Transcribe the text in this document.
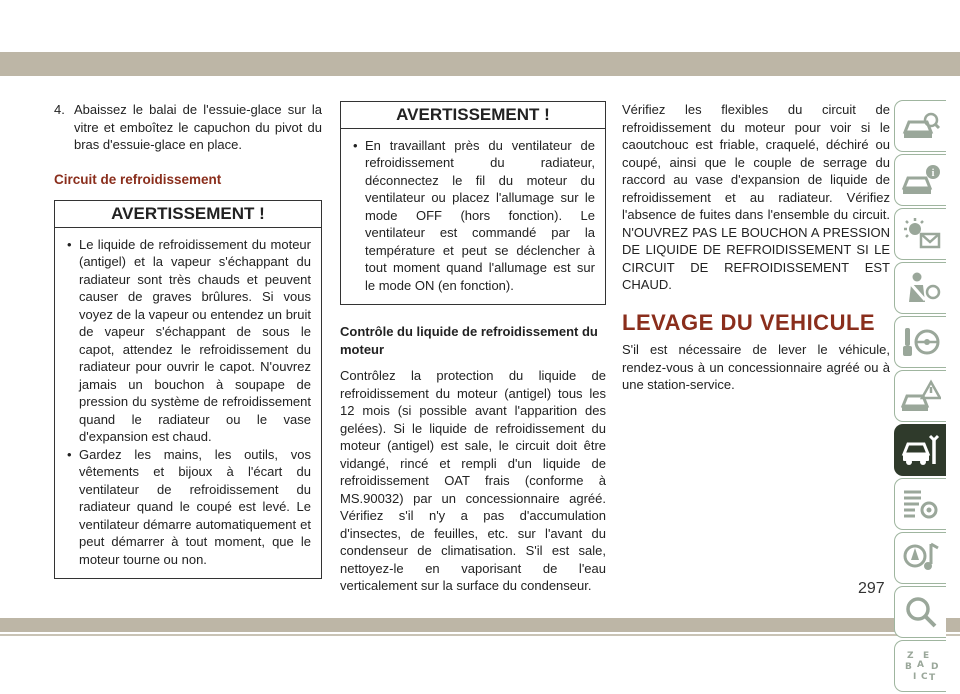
4. Abaissez le balai de l'essuie-glace sur la vitre et emboîtez le capuchon du pivot du bras d'essuie-glace en place.
Circuit de refroidissement
AVERTISSEMENT !
• Le liquide de refroidissement du moteur (antigel) et la vapeur s'échappant du radiateur sont très chauds et peuvent causer de graves brûlures. Si vous voyez de la vapeur ou entendez un bruit de vapeur s'échappant de sous le capot, attendez le refroidissement du radiateur pour ouvrir le capot. N'ouvrez jamais un bouchon à soupape de pression du système de refroidissement quand le radiateur ou le vase d'expansion est chaud.
• Gardez les mains, les outils, vos vêtements et bijoux à l'écart du ventilateur de refroidissement du radiateur quand le coupé est levé. Le ventilateur démarre automatiquement et peut démarrer à tout moment, que le moteur tourne ou non.
AVERTISSEMENT !
• En travaillant près du ventilateur de refroidissement du radiateur, déconnectez le fil du moteur du ventilateur ou placez l'allumage sur le mode OFF (hors fonction). Le ventilateur est commandé par la température et peut se déclencher à tout moment quand l'allumage est sur le mode ON (en fonction).
Contrôle du liquide de refroidissement du moteur

Contrôlez la protection du liquide de refroidissement du moteur (antigel) tous les 12 mois (si possible avant l'apparition des gelées). Si le liquide de refroidissement du moteur (antigel) est sale, le circuit doit être vidangé, rincé et rempli d'un liquide de refroidissement OAT frais (conforme à MS.90032) par un concessionnaire agréé. Vérifiez s'il n'y a pas d'accumulation d'insectes, de feuilles, etc. sur l'avant du condenseur de climatisation. S'il est sale, nettoyez-le en vaporisant de l'eau verticalement sur la surface du condenseur.

Vérifiez les flexibles du circuit de refroidissement du moteur pour voir si le caoutchouc est friable, craquelé, déchiré ou coupé, ainsi que le couple de serrage du raccord au vase d'expansion de liquide de refroidissement et au radiateur. Vérifiez l'absence de fuites dans l'ensemble du circuit. N'OUVREZ PAS LE BOUCHON A PRESSION DE LIQUIDE DE REFROIDISSEMENT SI LE CIRCUIT DE REFROIDISSEMENT EST CHAUD.

LEVAGE DU VEHICULE

S'il est nécessaire de lever le véhicule, rendez-vous à un concessionnaire agréé ou à une station-service.

i
Z E
A
B D
I C T
297
